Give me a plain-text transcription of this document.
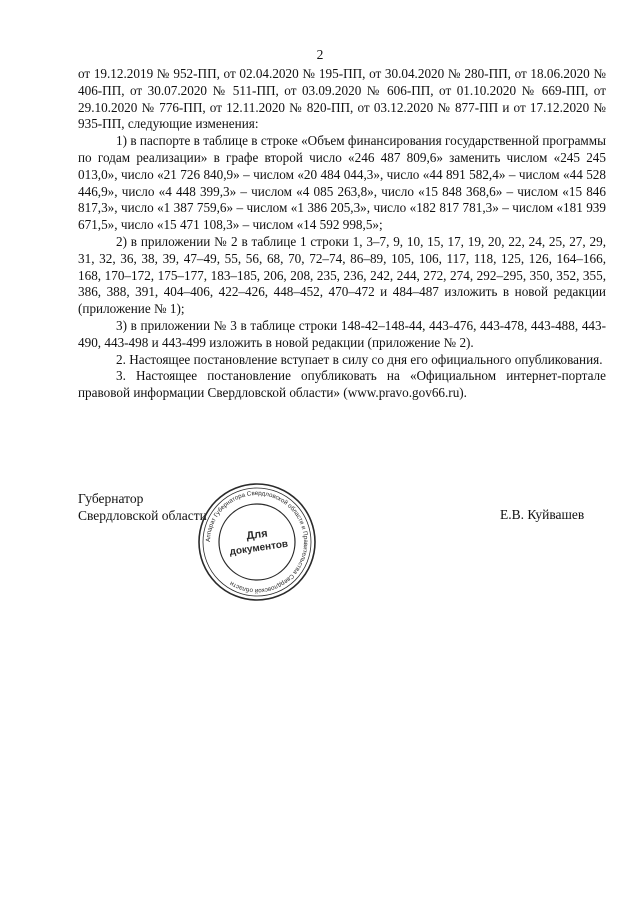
2

от 19.12.2019 № 952-ПП, от 02.04.2020 № 195-ПП, от 30.04.2020 № 280-ПП, от 18.06.2020 № 406-ПП, от 30.07.2020 № 511-ПП, от 03.09.2020 № 606-ПП, от 01.10.2020 № 669-ПП, от 29.10.2020 № 776-ПП, от 12.11.2020 № 820-ПП, от 03.12.2020 № 877-ПП и от 17.12.2020 № 935-ПП, следующие изменения:

1) в паспорте в таблице в строке «Объем финансирования государственной программы по годам реализации» в графе второй число «246 487 809,6» заменить числом «245 245 013,0», число «21 726 840,9» – числом «20 484 044,3», число «44 891 582,4» – числом «44 528 446,9», число «4 448 399,3» – числом «4 085 263,8», число «15 848 368,6» – числом «15 846 817,3», число «1 387 759,6» – числом «1 386 205,3», число «182 817 781,3» – числом «181 939 671,5», число «15 471 108,3» – числом «14 592 998,5»;

2) в приложении № 2 в таблице 1 строки 1, 3–7, 9, 10, 15, 17, 19, 20, 22, 24, 25, 27, 29, 31, 32, 36, 38, 39, 47–49, 55, 56, 68, 70, 72–74, 86–89, 105, 106, 117, 118, 125, 126, 164–166, 168, 170–172, 175–177, 183–185, 206, 208, 235, 236, 242, 244, 272, 274, 292–295, 350, 352, 355, 386, 388, 391, 404–406, 422–426, 448–452, 470–472 и 484–487 изложить в новой редакции (приложение № 1);

3) в приложении № 3 в таблице строки 148-42–148-44, 443-476, 443-478, 443-488, 443-490, 443-498 и 443-499 изложить в новой редакции (приложение № 2).

2. Настоящее постановление вступает в силу со дня его официального опубликования.

3. Настоящее постановление опубликовать на «Официальном интернет-портале правовой информации Свердловской области» (www.pravo.gov66.ru).

Губернатор
Свердловской области	Е.В. Куйвашев
Аппарат Губернатора Свердловской области и Правительства Свердловской области
Для
документов
